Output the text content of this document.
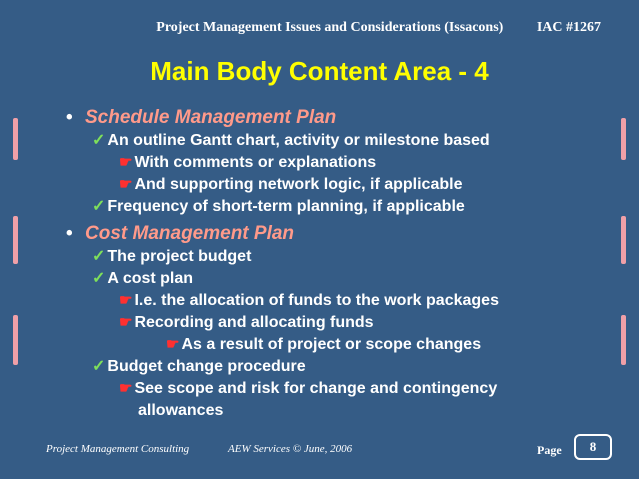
Project Management Issues and Considerations (Issacons) IAC #1267
Main Body Content Area - 4
• Schedule Management Plan
✓ An outline Gantt chart, activity or milestone based
☛ With comments or explanations
☛ And supporting network logic, if applicable
✓ Frequency of short-term planning, if applicable
• Cost Management Plan
✓ The project budget
✓ A cost plan
☛ I.e. the allocation of funds to the work packages
☛ Recording and allocating funds
☛ As a result of project or scope changes
✓ Budget change procedure
☛ See scope and risk for change and contingency
allowances
Project Management Consulting	AEW Services © June, 2006	Page	8
